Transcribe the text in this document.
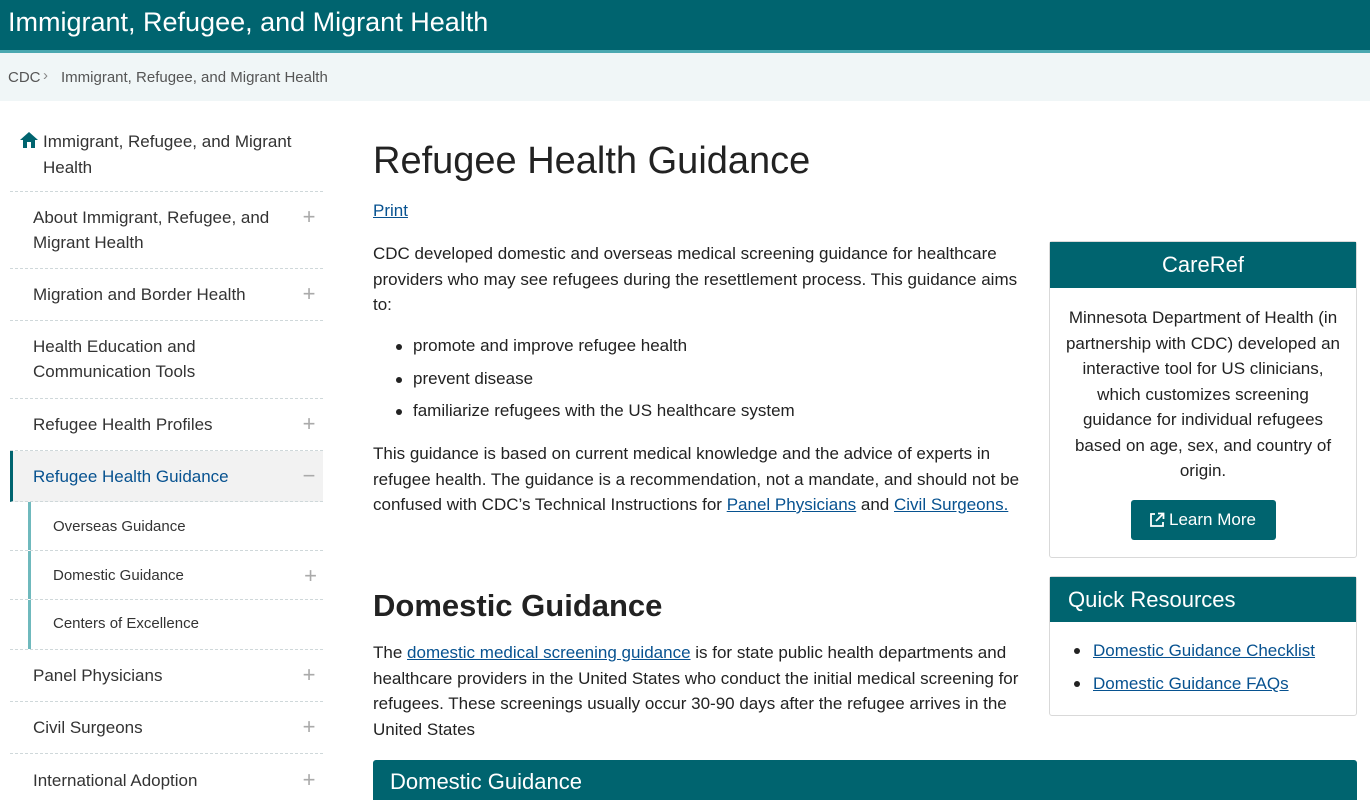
Immigrant, Refugee, and Migrant Health
CDC › Immigrant, Refugee, and Migrant Health
Immigrant, Refugee, and Migrant Health
About Immigrant, Refugee, and Migrant Health
+
Migration and Border Health	+
Health Education and Communication Tools
Refugee Health Profiles	+
Refugee Health Guidance	−
Overseas Guidance
Domestic Guidance	+
Centers of Excellence
Panel Physicians	+
Civil Surgeons	+
International Adoption	+
Refugee Health Guidance
Print
CDC developed domestic and overseas medical screening guidance for healthcare providers who may see refugees during the resettlement process. This guidance aims to:
promote and improve refugee health
prevent disease
familiarize refugees with the US healthcare system
This guidance is based on current medical knowledge and the advice of experts in refugee health. The guidance is a recommendation, not a mandate, and should not be confused with CDC’s Technical Instructions for Panel Physicians and Civil Surgeons.
Domestic Guidance
The domestic medical screening guidance is for state public health departments and healthcare providers in the United States who conduct the initial medical screening for refugees. These screenings usually occur 30-90 days after the refugee arrives in the United States
Domestic Guidance
CareRef
Minnesota Department of Health (in partnership with CDC) developed an interactive tool for US clinicians, which customizes screening guidance for individual refugees based on age, sex, and country of origin.
Learn More
Quick Resources
Domestic Guidance Checklist
Domestic Guidance FAQs
